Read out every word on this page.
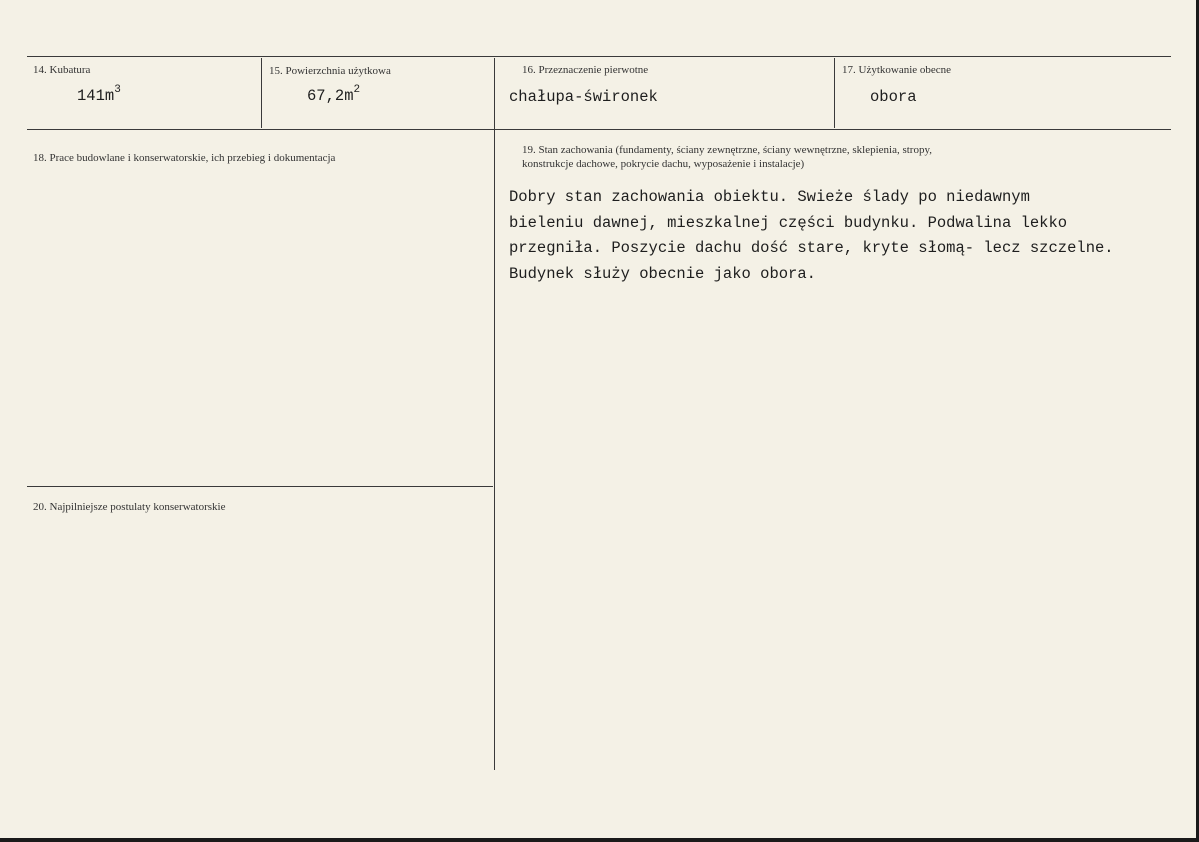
14. Kubatura
$141m^3$
15. Powierzchnia użytkowa
$67,2m^2$
16. Przeznaczenie pierwotne
chałupa-świronek
17. Użytkowanie obecne
obora
18. Prace budowlane i konserwatorskie, ich przebieg i dokumentacja
19. Stan zachowania (fundamenty, ściany zewnętrzne, ściany wewnętrzne, sklepienia, stropy,
konstrukcje dachowe, pokrycie dachu, wyposażenie i instalacje)
Dobry stan zachowania obiektu. Swieże ślady po niedawnym
bieleniu dawnej, mieszkalnej części budynku. Podwalina lekko
przegniła. Poszycie dachu dość stare, kryte słomą- lecz szczelne.
Budynek służy obecnie jako obora.
20. Najpilniejsze postulaty konserwatorskie
